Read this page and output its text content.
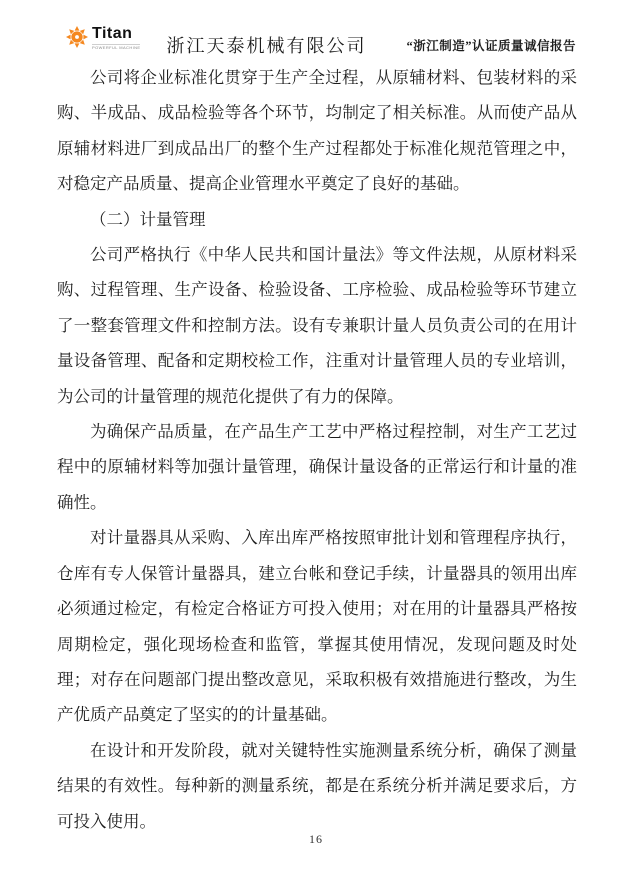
Titan
POWERFUL MACHINE 浙江天泰机械有限公司	“浙江制造”认证质量诚信报告

公司将企业标准化贯穿于生产全过程，从原辅材料、包装材料的采购、半成品、成品检验等各个环节，均制定了相关标准。从而使产品从原辅材料进厂到成品出厂的整个生产过程都处于标准化规范管理之中，对稳定产品质量、提高企业管理水平奠定了良好的基础。

（二）计量管理

公司严格执行《中华人民共和国计量法》等文件法规，从原材料采购、过程管理、生产设备、检验设备、工序检验、成品检验等环节建立了一整套管理文件和控制方法。设有专兼职计量人员负责公司的在用计量设备管理、配备和定期校检工作，注重对计量管理人员的专业培训，为公司的计量管理的规范化提供了有力的保障。

为确保产品质量，在产品生产工艺中严格过程控制，对生产工艺过程中的原辅材料等加强计量管理，确保计量设备的正常运行和计量的准确性。

对计量器具从采购、入库出库严格按照审批计划和管理程序执行，仓库有专人保管计量器具，建立台帐和登记手续，计量器具的领用出库必须通过检定，有检定合格证方可投入使用；对在用的计量器具严格按周期检定，强化现场检查和监管，掌握其使用情况，发现问题及时处理；对存在问题部门提出整改意见，采取积极有效措施进行整改，为生产优质产品奠定了坚实的的计量基础。

在设计和开发阶段，就对关键特性实施测量系统分析，确保了测量结果的有效性。每种新的测量系统，都是在系统分析并满足要求后，方可投入使用。

16
